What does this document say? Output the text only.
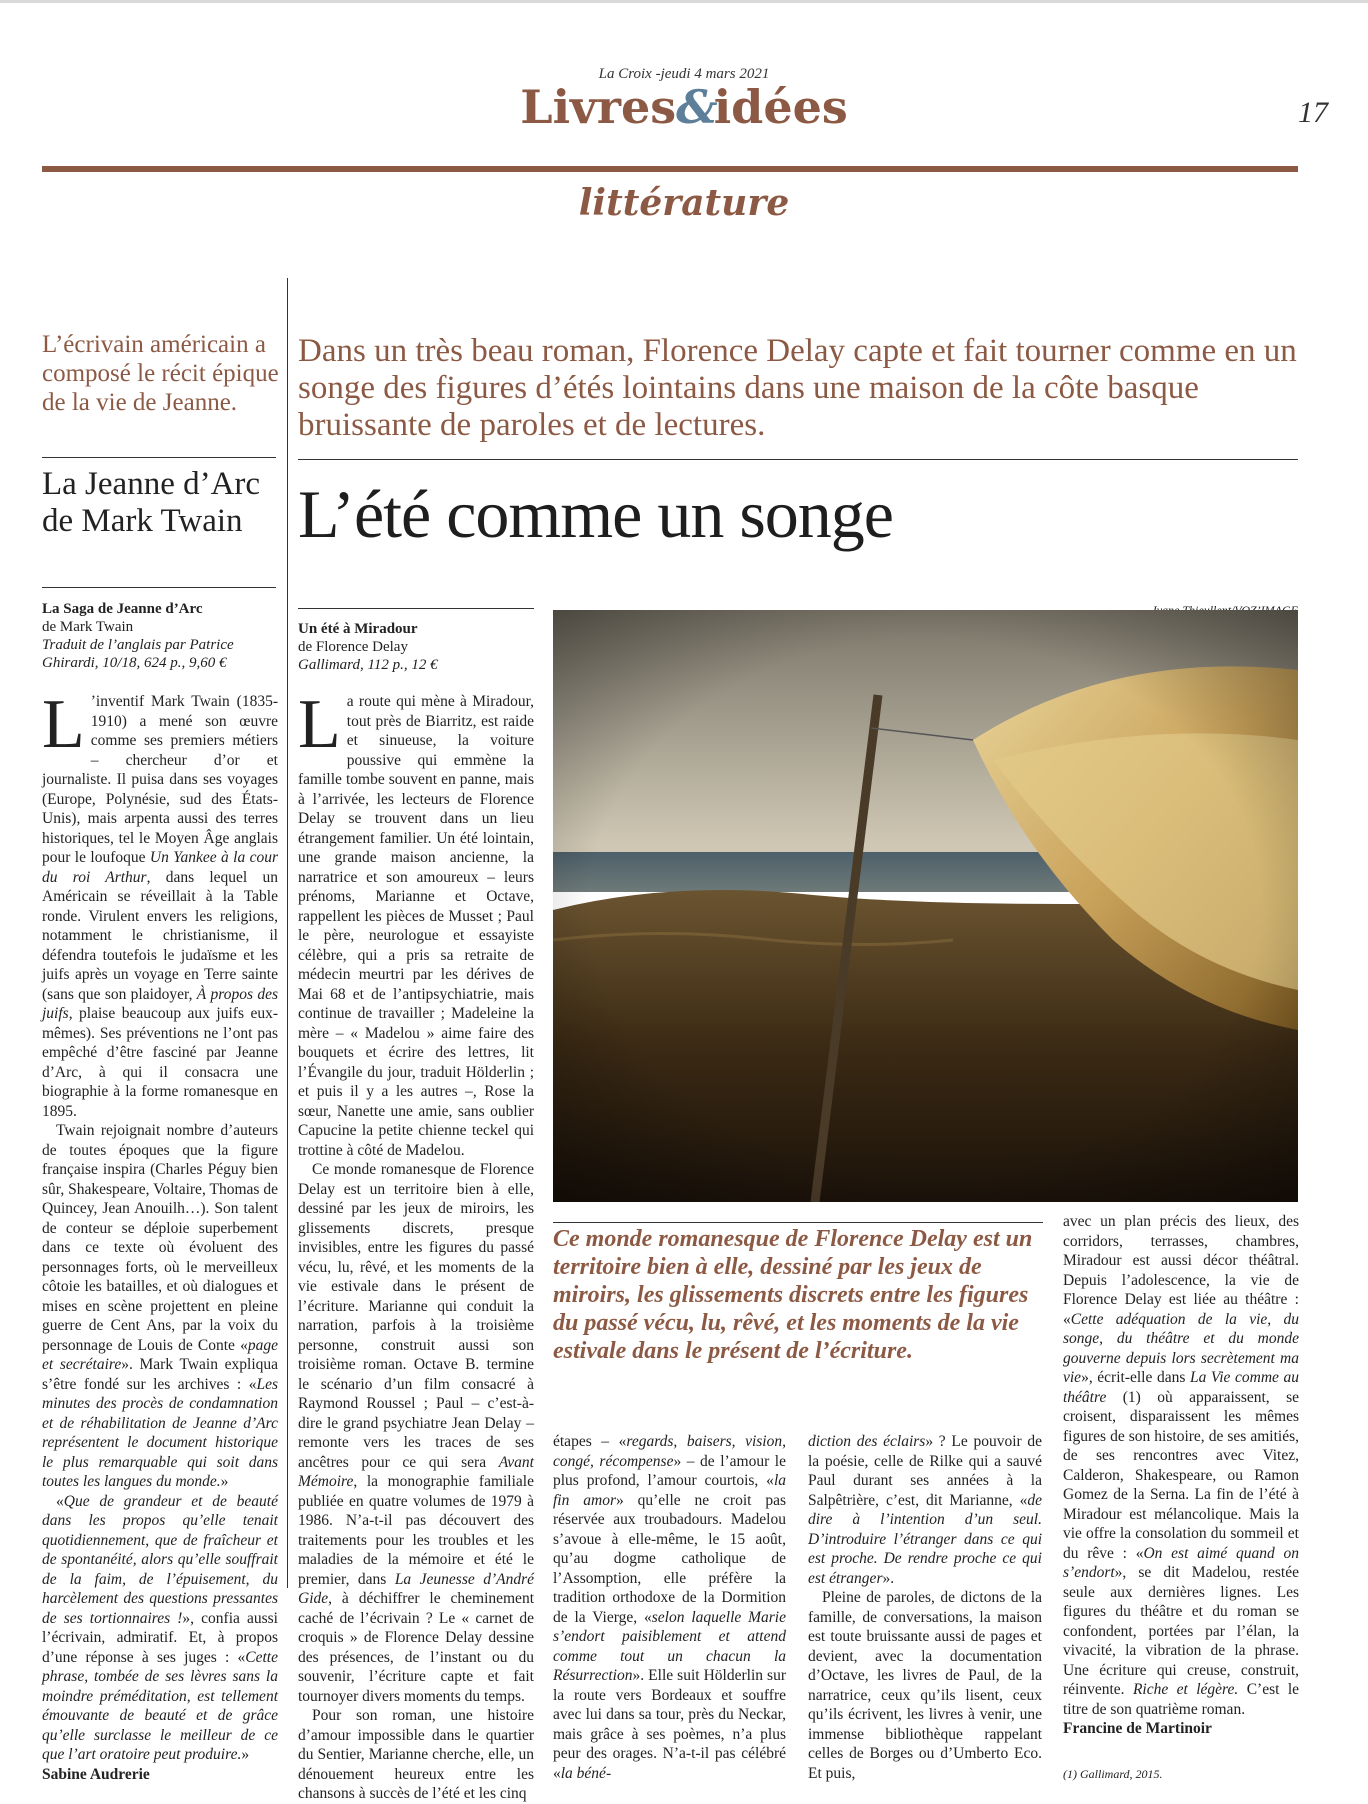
La Croix -jeudi 4 mars 2021
Livres&idées	17
littérature
L’écrivain américain a composé le récit épique de la vie de Jeanne.
La Jeanne d’Arc de Mark Twain
La Saga de Jeanne d’Arc
de Mark Twain
Traduit de l’anglais par Patrice Ghirardi, 10/18, 624 p., 9,60 €

L ’inventif Mark Twain (1835-1910) a mené son œuvre comme ses premiers métiers – chercheur d’or et journaliste. Il puisa dans ses voyages (Europe, Polynésie, sud des États-Unis), mais arpenta aussi des terres historiques, tel le Moyen Âge anglais pour le loufoque Un Yankee à la cour du roi Arthur, dans lequel un Américain se réveillait à la Table ronde. Virulent envers les religions, notamment le christianisme, il défendra toutefois le judaïsme et les juifs après un voyage en Terre sainte (sans que son plaidoyer, À propos des juifs, plaise beaucoup aux juifs eux-mêmes). Ses préventions ne l’ont pas empêché d’être fasciné par Jeanne d’Arc, à qui il consacra une biographie à la forme romanesque en 1895.

Twain rejoignait nombre d’auteurs de toutes époques que la figure française inspira (Charles Péguy bien sûr, Shakespeare, Voltaire, Thomas de Quincey, Jean Anouilh…). Son talent de conteur se déploie superbement dans ce texte où évoluent des personnages forts, où le merveilleux côtoie les batailles, et où dialogues et mises en scène projettent en pleine guerre de Cent Ans, par la voix du personnage de Louis de Conte «page et secrétaire». Mark Twain expliqua s’être fondé sur les archives : «Les minutes des procès de condamnation et de réhabilitation de Jeanne d’Arc représentent le document historique le plus remarquable qui soit dans toutes les langues du monde.»

«Que de grandeur et de beauté dans les propos qu’elle tenait quotidiennement, que de fraîcheur et de spontanéité, alors qu’elle souffrait de la faim, de l’épuisement, du harcèlement des questions pressantes de ses tortionnaires !», confia aussi l’écrivain, admiratif. Et, à propos d’une réponse à ses juges : «Cette phrase, tombée de ses lèvres sans la moindre préméditation, est tellement émouvante de beauté et de grâce qu’elle surclasse le meilleur de ce que l’art oratoire peut produire.»

Sabine Audrerie

Dans un très beau roman, Florence Delay capte et fait tourner comme en un songe des figures d’étés lointains dans une maison de la côte basque bruissante de paroles et de lectures.
L’été comme un songe
Un été à Miradour
de Florence Delay
Gallimard, 112 p., 12 €
Ce monde romanesque de Florence Delay est un territoire bien à elle, dessiné par les jeux de miroirs, les glissements discrets entre les figures du passé vécu, lu, rêvé, et les moments de la vie estivale dans le présent de l’écriture.

La route qui mène à Miradour, tout près de Biarritz, est raide et sinueuse, la voiture poussive qui emmène la famille tombe souvent en panne, mais à l’arrivée, les lecteurs de Florence Delay se trouvent dans un lieu étrangement familier. Un été lointain, une grande maison ancienne, la narratrice et son amoureux – leurs prénoms, Marianne et Octave, rappellent les pièces de Musset ; Paul le père, neurologue et essayiste célèbre, qui a pris sa retraite de médecin meurtri par les dérives de Mai 68 et de l’antipsychiatrie, mais continue de travailler ; Madeleine la mère – « Madelou » aime faire des bouquets et écrire des lettres, lit l’Évangile du jour, traduit Hölderlin ; et puis il y a les autres –, Rose la sœur, Nanette une amie, sans oublier Capucine la petite chienne teckel qui trottine à côté de Madelou.

Ce monde romanesque de Florence Delay est un territoire bien à elle, dessiné par les jeux de miroirs, les glissements discrets, presque invisibles, entre les figures du passé vécu, lu, rêvé, et les moments de la vie estivale dans le présent de l’écriture. Marianne qui conduit la narration, parfois à la troisième personne, construit aussi son troisième roman. Octave B. termine le scénario d’un film consacré à Raymond Roussel ; Paul – c’est-à-dire le grand psychiatre Jean Delay – remonte vers les traces de ses ancêtres pour ce qui sera Avant Mémoire, la monographie familiale publiée en quatre volumes de 1979 à 1986. N’a-t-il pas découvert des traitements pour les troubles et les maladies de la mémoire et été le premier, dans La Jeunesse d’André Gide, à déchiffrer le cheminement caché de l’écrivain ? Le « carnet de croquis » de Florence Delay dessine des présences, de l’instant ou du souvenir, l’écriture capte et fait tournoyer divers moments du temps.

Pour son roman, une histoire d’amour impossible dans le quartier du Sentier, Marianne cherche, elle, un dénouement heureux entre les chansons à succès de l’été et les cinq

étapes – «regards, baisers, vision, congé, récompense» – de l’amour le plus profond, l’amour courtois, «la fin amor» qu’elle ne croit pas réservée aux troubadours. Madelou s’avoue à elle-même, le 15 août, qu’au dogme catholique de l’Assomption, elle préfère la tradition orthodoxe de la Dormition de la Vierge, «selon laquelle Marie s’endort paisiblement et attend comme tout un chacun la Résurrection». Elle suit Hölderlin sur la route vers Bordeaux et souffre avec lui dans sa tour, près du Neckar, mais grâce à ses poèmes, n’a plus peur des orages. N’a-t-il pas célébré «la béné-

diction des éclairs» ? Le pouvoir de la poésie, celle de Rilke qui a sauvé Paul durant ses années à la Salpêtrière, c’est, dit Marianne, «de dire à l’intention d’un seul. D’introduire l’étranger dans ce qui est proche. De rendre proche ce qui est étranger».

Pleine de paroles, de dictons de la famille, de conversations, la maison est toute bruissante aussi de pages et devient, avec la documentation d’Octave, les livres de Paul, de la narratrice, ceux qu’ils lisent, ceux qu’ils écrivent, les livres à venir, une immense bibliothèque rappelant celles de Borges ou d’Umberto Eco. Et puis,

avec un plan précis des lieux, des corridors, terrasses, chambres, Miradour est aussi décor théâtral. Depuis l’adolescence, la vie de Florence Delay est liée au théâtre : «Cette adéquation de la vie, du songe, du théâtre et du monde gouverne depuis lors secrètement ma vie», écrit-elle dans La Vie comme au théâtre (1) où apparaissent, se croisent, disparaissent les mêmes figures de son histoire, de ses amitiés, de ses rencontres avec Vitez, Calderon, Shakespeare, ou Ramon Gomez de la Serna. La fin de l’été à Miradour est mélancolique. Mais la vie offre la consolation du sommeil et du rêve : «On est aimé quand on s’endort», se dit Madelou, restée seule aux dernières lignes. Les figures du théâtre et du roman se confondent, portées par l’élan, la vivacité, la vibration de la phrase. Une écriture qui creuse, construit, réinvente. Riche et légère. C’est le titre de son quatrième roman.

Francine de Martinoir

(1) Gallimard, 2015.
